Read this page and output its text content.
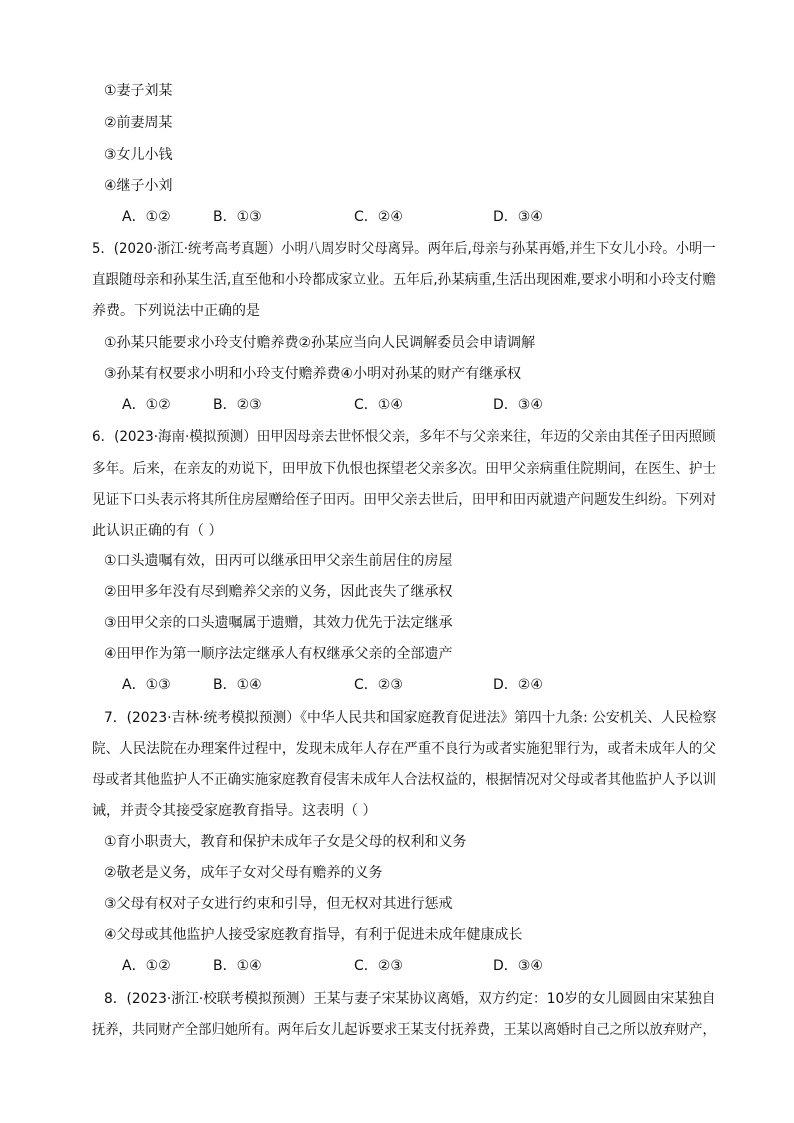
①妻子刘某
②前妻周某
③女儿小钱
④继子小刘
A．①②	B．①③	C．②④	D．③④
5．(2020·浙江·统考高考真题）小明八周岁时父母离异。两年后,母亲与孙某再婚,并生下女儿小玲。小明一
直跟随母亲和孙某生活,直至他和小玲都成家立业。五年后,孙某病重,生活出现困难,要求小明和小玲支付赡
养费。下列说法中正确的是
①孙某只能要求小玲支付赡养费②孙某应当向人民调解委员会申请调解
③孙某有权要求小明和小玲支付赡养费④小明对孙某的财产有继承权
A．①②	B．②③	C．①④	D．③④
6．(2023·海南·模拟预测）田甲因母亲去世怀恨父亲，多年不与父亲来往，年迈的父亲由其侄子田丙照顾
多年。后来，在亲友的劝说下，田甲放下仇恨也探望老父亲多次。田甲父亲病重住院期间，在医生、护士
见证下口头表示将其所住房屋赠给侄子田丙。田甲父亲去世后，田甲和田丙就遗产问题发生纠纷。下列对
此认识正确的有（ ）
①口头遗嘱有效，田丙可以继承田甲父亲生前居住的房屋
②田甲多年没有尽到赡养父亲的义务，因此丧失了继承权
③田甲父亲的口头遗嘱属于遗赠，其效力优先于法定继承
④田甲作为第一顺序法定继承人有权继承父亲的全部遗产
A．①③	B．①④	C．②③	D．②④
7．(2023·吉林·统考模拟预测）《中华人民共和国家庭教育促进法》第四十九条: 公安机关、人民检察
院、人民法院在办理案件过程中，发现未成年人存在严重不良行为或者实施犯罪行为，或者未成年人的父
母或者其他监护人不正确实施家庭教育侵害未成年人合法权益的，根据情况对父母或者其他监护人予以训
诫，并责令其接受家庭教育指导。这表明（ ）
①育小职责大，教育和保护未成年子女是父母的权利和义务
②敬老是义务，成年子女对父母有赡养的义务
③父母有权对子女进行约束和引导，但无权对其进行惩戒
④父母或其他监护人接受家庭教育指导，有利于促进未成年健康成长
A．①②	B．①④	C．②③	D．③④
8．(2023·浙江·校联考模拟预测）王某与妻子宋某协议离婚，双方约定：10岁的女儿圆圆由宋某独自
抚养，共同财产全部归她所有。两年后女儿起诉要求王某支付抚养费，王某以离婚时自己之所以放弃财产，
